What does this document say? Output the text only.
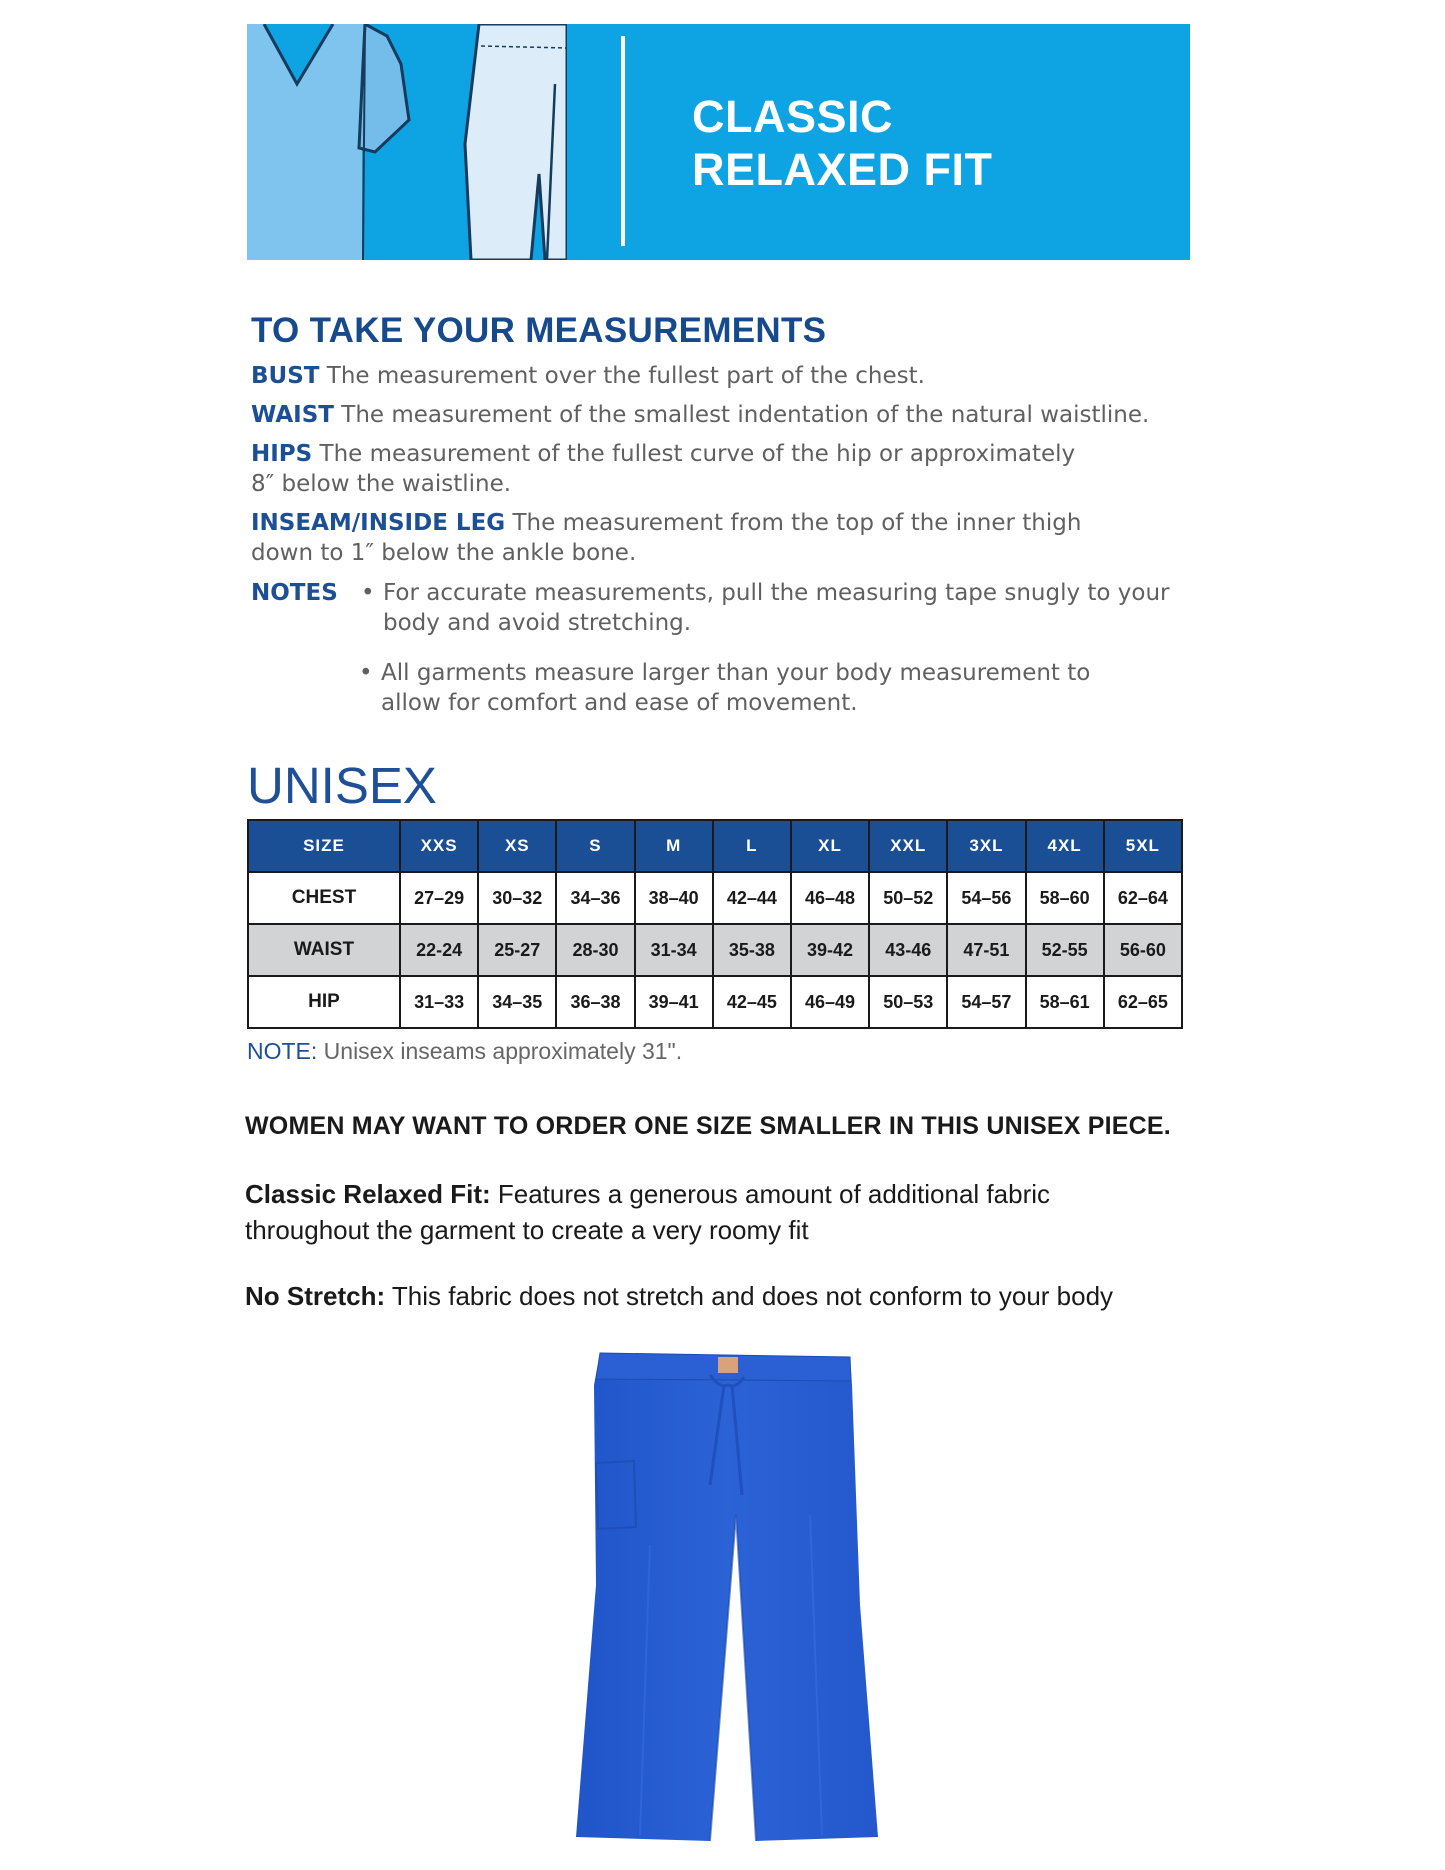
CLASSIC
RELAXED FIT
TO TAKE YOUR MEASUREMENTS
BUST The measurement over the fullest part of the chest.
WAIST The measurement of the smallest indentation of the natural waistline.
HIPS The measurement of the fullest curve of the hip or approximately
8″ below the waistline.
INSEAM/INSIDE LEG The measurement from the top of the inner thigh
down to 1″ below the ankle bone.
NOTES • For accurate measurements, pull the measuring tape snugly to your
body and avoid stretching.
• All garments measure larger than your body measurement to
allow for comfort and ease of movement.
UNISEX
SIZE	XXS	XS	S	M	L	XL	XXL	3XL	4XL	5XL
CHEST	27–29	30–32	34–36	38–40	42–44	46–48	50–52	54–56	58–60	62–64
WAIST	22-24	25-27	28-30	31-34	35-38	39-42	43-46	47-51	52-55	56-60
HIP	31–33	34–35	36–38	39–41	42–45	46–49	50–53	54–57	58–61	62–65
NOTE: Unisex inseams approximately 31".

WOMEN MAY WANT TO ORDER ONE SIZE SMALLER IN THIS UNISEX PIECE.

Classic Relaxed Fit: Features a generous amount of additional fabric
throughout the garment to create a very roomy fit

No Stretch: This fabric does not stretch and does not conform to your body
